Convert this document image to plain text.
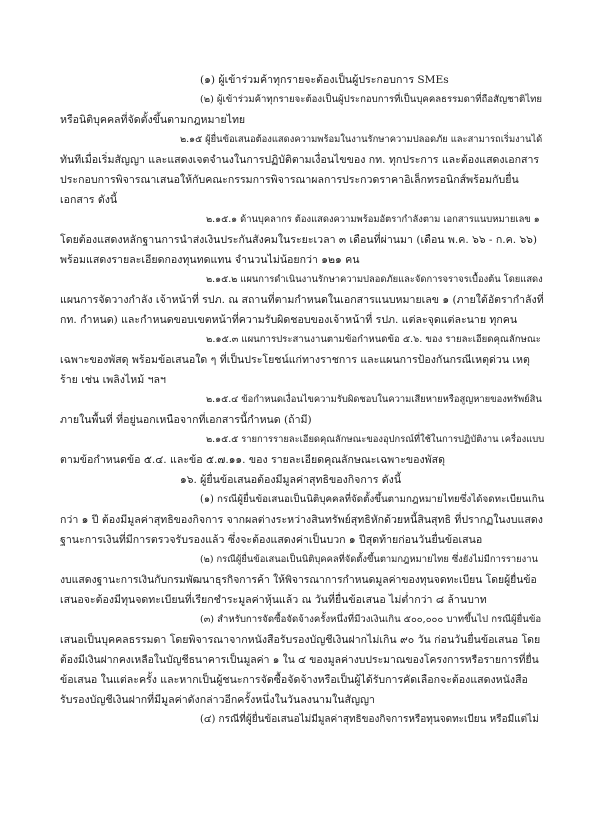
(๑) ผู้เข้าร่วมค้าทุกรายจะต้องเป็นผู้ประกอบการ SMEs
(๒) ผู้เข้าร่วมค้าทุกรายจะต้องเป็นผู้ประกอบการที่เป็นบุคคลธรรมดาที่ถือสัญชาติไทย
หรือนิติบุคคลที่จัดตั้งขึ้นตามกฎหมายไทย
๒.๑๕ ผู้ยื่นข้อเสนอต้องแสดงความพร้อมในงานรักษาความปลอดภัย และสามารถเริ่มงานได้
ทันทีเมื่อเริ่มสัญญา และแสดงเจตจำนงในการปฏิบัติตามเงื่อนไขของ กท. ทุกประการ และต้องแสดงเอกสาร
ประกอบการพิจารณาเสนอให้กับคณะกรรมการพิจารณาผลการประกวดราคาอิเล็กทรอนิกส์พร้อมกับยื่น
เอกสาร ดังนี้
๒.๑๕.๑ ด้านบุคลากร ต้องแสดงความพร้อมอัตรากำลังตาม เอกสารแนบหมายเลข ๑
โดยต้องแสดงหลักฐานการนำส่งเงินประกันสังคมในระยะเวลา ๓ เดือนที่ผ่านมา (เดือน พ.ค. ๖๖ - ก.ค. ๖๖)
พร้อมแสดงรายละเอียดกองทุนทดแทน จำนวนไม่น้อยกว่า ๑๒๑ คน
๒.๑๕.๒ แผนการดำเนินงานรักษาความปลอดภัยและจัดการจราจรเบื้องต้น โดยแสดง
แผนการจัดวางกำลัง เจ้าหน้าที่ รปภ. ณ สถานที่ตามกำหนดในเอกสารแนบหมายเลข ๑ (ภายใต้อัตรากำลังที่
กท. กำหนด) และกำหนดขอบเขตหน้าที่ความรับผิดชอบของเจ้าหน้าที่ รปภ. แต่ละจุดแต่ละนาย ทุกคน
๒.๑๕.๓ แผนการประสานงานตามข้อกำหนดข้อ ๕.๖. ของ รายละเอียดคุณลักษณะ
เฉพาะของพัสดุ พร้อมข้อเสนอใด ๆ ที่เป็นประโยชน์แก่ทางราชการ และแผนการป้องกันกรณีเหตุด่วน เหตุ
ร้าย เช่น เพลิงไหม้ ฯลฯ
๒.๑๕.๔ ข้อกำหนดเงื่อนไขความรับผิดชอบในความเสียหายหรือสูญหายของทรัพย์สิน
ภายในพื้นที่ ที่อยู่นอกเหนือจากที่เอกสารนี้กำหนด (ถ้ามี)
๒.๑๕.๕ รายการรายละเอียดคุณลักษณะของอุปกรณ์ที่ใช้ในการปฏิบัติงาน เครื่องแบบ
ตามข้อกำหนดข้อ ๕.๔. และข้อ ๕.๗.๑๑. ของ รายละเอียดคุณลักษณะเฉพาะของพัสดุ
๑๖. ผู้ยื่นข้อเสนอต้องมีมูลค่าสุทธิของกิจการ ดังนี้
(๑) กรณีผู้ยื่นข้อเสนอเป็นนิติบุคคลที่จัดตั้งขึ้นตามกฎหมายไทยซึ่งได้จดทะเบียนเกิน
กว่า ๑ ปี ต้องมีมูลค่าสุทธิของกิจการ จากผลต่างระหว่างสินทรัพย์สุทธิหักด้วยหนี้สินสุทธิ ที่ปรากฏในงบแสดง
ฐานะการเงินที่มีการตรวจรับรองแล้ว ซึ่งจะต้องแสดงค่าเป็นบวก ๑ ปีสุดท้ายก่อนวันยื่นข้อเสนอ
(๒) กรณีผู้ยื่นข้อเสนอเป็นนิติบุคคลที่จัดตั้งขึ้นตามกฎหมายไทย ซึ่งยังไม่มีการรายงาน
งบแสดงฐานะการเงินกับกรมพัฒนาธุรกิจการค้า ให้พิจารณาการกำหนดมูลค่าของทุนจดทะเบียน โดยผู้ยื่นข้อ
เสนอจะต้องมีทุนจดทะเบียนที่เรียกชำระมูลค่าหุ้นแล้ว ณ วันที่ยื่นข้อเสนอ ไม่ต่ำกว่า ๘ ล้านบาท
(๓) สำหรับการจัดซื้อจัดจ้างครั้งหนึ่งที่มีวงเงินเกิน ๕๐๐,๐๐๐ บาทขึ้นไป กรณีผู้ยื่นข้อ
เสนอเป็นบุคคลธรรมดา โดยพิจารณาจากหนังสือรับรองบัญชีเงินฝากไม่เกิน ๙๐ วัน ก่อนวันยื่นข้อเสนอ โดย
ต้องมีเงินฝากคงเหลือในบัญชีธนาคารเป็นมูลค่า ๑ ใน ๔ ของมูลค่างบประมาณของโครงการหรือรายการที่ยื่น
ข้อเสนอ ในแต่ละครั้ง และหากเป็นผู้ชนะการจัดซื้อจัดจ้างหรือเป็นผู้ได้รับการคัดเลือกจะต้องแสดงหนังสือ
รับรองบัญชีเงินฝากที่มีมูลค่าดังกล่าวอีกครั้งหนึ่งในวันลงนามในสัญญา
(๔) กรณีที่ผู้ยื่นข้อเสนอไม่มีมูลค่าสุทธิของกิจการหรือทุนจดทะเบียน หรือมีแต่ไม่
